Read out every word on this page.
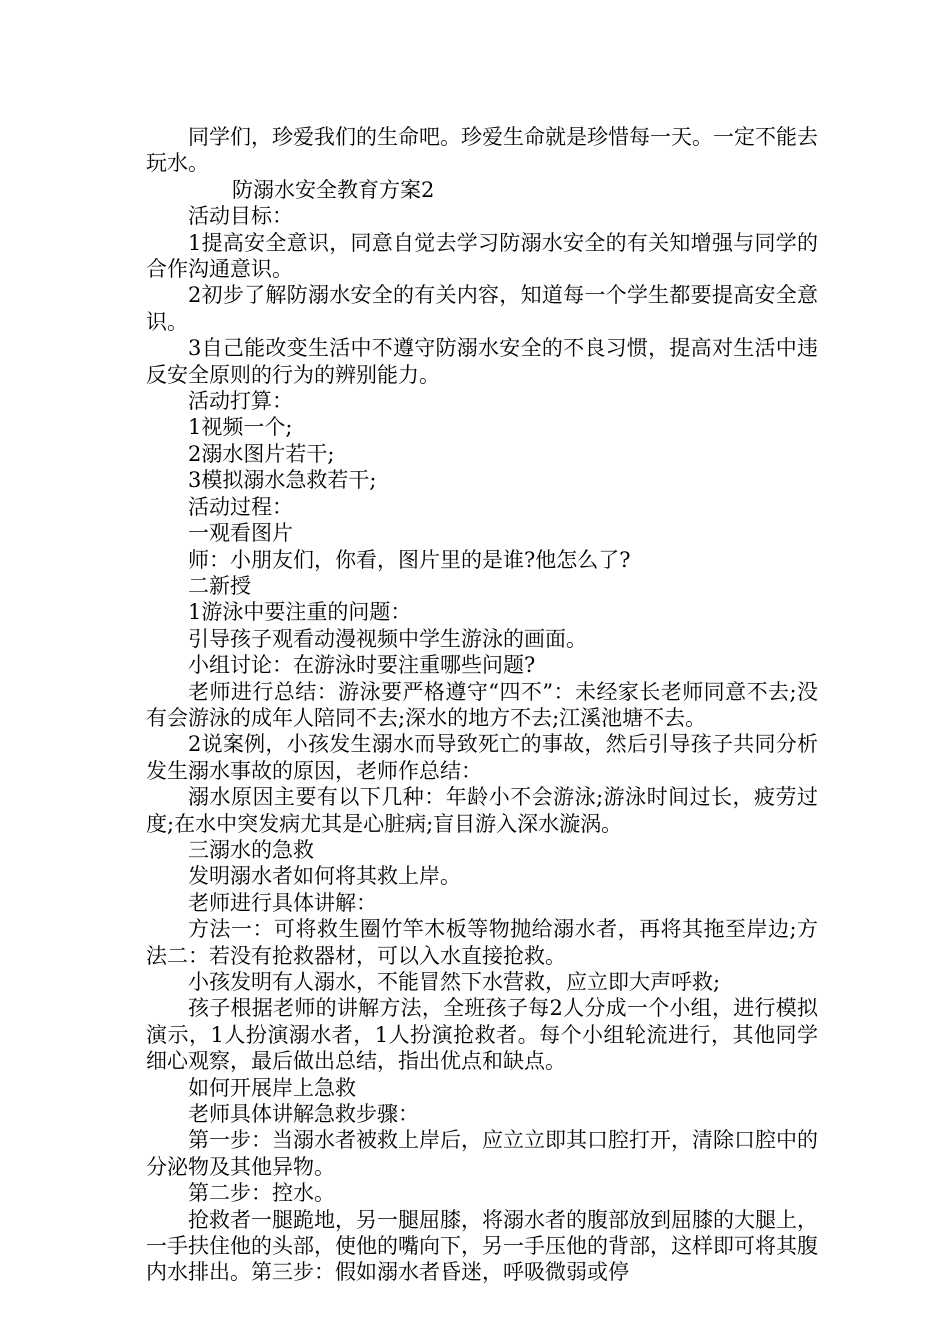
同学们，珍爱我们的生命吧。珍爱生命就是珍惜每一天。一定不能去玩水。

防溺水安全教育方案2

活动目标：

1提高安全意识，同意自觉去学习防溺水安全的有关知增强与同学的合作沟通意识。

2初步了解防溺水安全的有关内容，知道每一个学生都要提高安全意识。

3自己能改变生活中不遵守防溺水安全的不良习惯，提高对生活中违反安全原则的行为的辨别能力。

活动打算：

1视频一个;

2溺水图片若干;

3模拟溺水急救若干;

活动过程：

一观看图片

师：小朋友们，你看，图片里的是谁?他怎么了?

二新授

1游泳中要注重的问题：

引导孩子观看动漫视频中学生游泳的画面。

小组讨论：在游泳时要注重哪些问题?

老师进行总结：游泳要严格遵守“四不”：未经家长老师同意不去;没有会游泳的成年人陪同不去;深水的地方不去;江溪池塘不去。

2说案例，小孩发生溺水而导致死亡的事故，然后引导孩子共同分析发生溺水事故的原因，老师作总结：

溺水原因主要有以下几种：年龄小不会游泳;游泳时间过长，疲劳过度;在水中突发病尤其是心脏病;盲目游入深水漩涡。

三溺水的急救

发明溺水者如何将其救上岸。

老师进行具体讲解：

方法一：可将救生圈竹竿木板等物抛给溺水者，再将其拖至岸边;方法二：若没有抢救器材，可以入水直接抢救。

小孩发明有人溺水，不能冒然下水营救，应立即大声呼救;

孩子根据老师的讲解方法，全班孩子每2人分成一个小组，进行模拟演示，1人扮演溺水者，1人扮演抢救者。每个小组轮流进行，其他同学细心观察，最后做出总结，指出优点和缺点。

如何开展岸上急救

老师具体讲解急救步骤：

第一步：当溺水者被救上岸后，应立立即其口腔打开，清除口腔中的分泌物及其他异物。

第二步：控水。

抢救者一腿跪地，另一腿屈膝，将溺水者的腹部放到屈膝的大腿上，一手扶住他的头部，使他的嘴向下，另一手压他的背部，这样即可将其腹内水排出。第三步：假如溺水者昏迷，呼吸微弱或停
